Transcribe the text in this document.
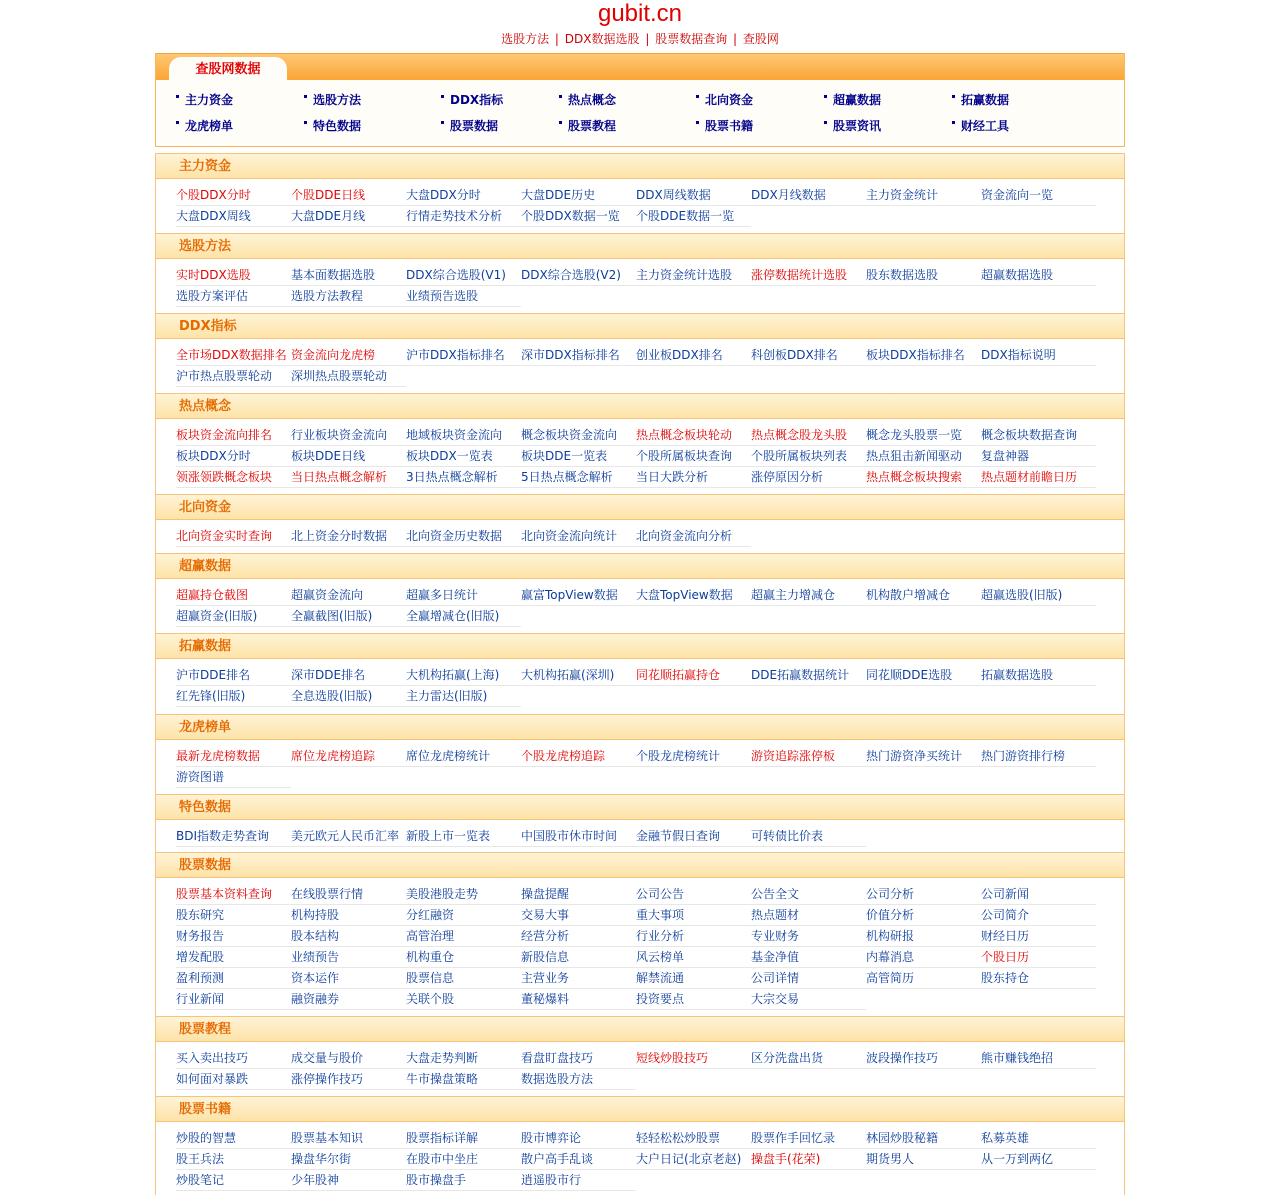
gubit.cn
选股方法 | DDX数据选股 | 股票数据查询 | 查股网
查股网数据
主力资金	选股方法	DDX指标	热点概念	北向资金	超赢数据	拓赢数据
龙虎榜单	特色数据	股票数据	股票教程	股票书籍	股票资讯	财经工具
主力资金
个股DDX分时	个股DDE日线	大盘DDX分时	大盘DDE历史	DDX周线数据	DDX月线数据	主力资金统计	资金流向一览
大盘DDX周线	大盘DDE月线	行情走势技术分析 个股DDX数据一览 个股DDE数据一览
选股方法
实时DDX选股	基本面数据选股	DDX综合选股(V1) DDX综合选股(V2) 主力资金统计选股 涨停数据统计选股 股东数据选股	超赢数据选股
选股方案评估	选股方法教程	业绩预告选股
DDX指标
全市场DDX数据排名 资金流向龙虎榜	沪市DDX指标排名 深市DDX指标排名 创业板DDX排名 科创板DDX排名 板块DDX指标排名 DDX指标说明
沪市热点股票轮动 深圳热点股票轮动
热点概念
板块资金流向排名 行业板块资金流向 地域板块资金流向 概念板块资金流向 热点概念板块轮动 热点概念股龙头股 概念龙头股票一览 概念板块数据查询
板块DDX分时	板块DDE日线	板块DDX一览表 板块DDE一览表 个股所属板块查询 个股所属板块列表 热点狙击新闻驱动 复盘神器
领涨领跌概念板块 当日热点概念解析 3日热点概念解析 5日热点概念解析 当日大跌分析	涨停原因分析	热点概念板块搜索 热点题材前瞻日历
北向资金
北向资金实时查询 北上资金分时数据 北向资金历史数据 北向资金流向统计 北向资金流向分析
超赢数据
超赢持仓截图	超赢资金流向	超赢多日统计	赢富TopView数据 大盘TopView数据 超赢主力增减仓	机构散户增减仓	超赢选股(旧版)
超赢资金(旧版)	全赢截图(旧版)	全赢增减仓(旧版)
拓赢数据
沪市DDE排名	深市DDE排名	大机构拓赢(上海) 大机构拓赢(深圳) 同花顺拓赢持仓	DDE拓赢数据统计 同花顺DDE选股 拓赢数据选股
红先锋(旧版)	全息选股(旧版)	主力雷达(旧版)
龙虎榜单
最新龙虎榜数据	席位龙虎榜追踪	席位龙虎榜统计	个股龙虎榜追踪	个股龙虎榜统计	游资追踪涨停板	热门游资净买统计 热门游资排行榜
游资图谱
特色数据
BDI指数走势查询 美元欧元人民币汇率 新股上市一览表	中国股市休市时间 金融节假日查询	可转债比价表
股票数据
股票基本资料查询 在线股票行情	美股港股走势	操盘提醒	公司公告	公告全文	公司分析	公司新闻
股东研究	机构持股	分红融资	交易大事	重大事项	热点题材	价值分析	公司简介
财务报告	股本结构	高管治理	经营分析	行业分析	专业财务	机构研报	财经日历
增发配股	业绩预告	机构重仓	新股信息	风云榜单	基金净值	内幕消息	个股日历
盈利预测	资本运作	股票信息	主营业务	解禁流通	公司详情	高管简历	股东持仓
行业新闻	融资融券	关联个股	董秘爆料	投资要点	大宗交易
股票教程
买入卖出技巧	成交量与股价	大盘走势判断	看盘盯盘技巧	短线炒股技巧	区分洗盘出货	波段操作技巧	熊市赚钱绝招
如何面对暴跌	涨停操作技巧	牛市操盘策略	数据选股方法
股票书籍
炒股的智慧	股票基本知识	股票指标详解	股市博弈论	轻轻松松炒股票	股票作手回忆录	林园炒股秘籍	私募英雄
股王兵法	操盘华尔街	在股市中坐庄	散户高手乱谈	大户日记(北京老赵) 操盘手(花荣)	期货男人	从一万到两亿
炒股笔记	少年股神	股市操盘手	逍遥股市行
